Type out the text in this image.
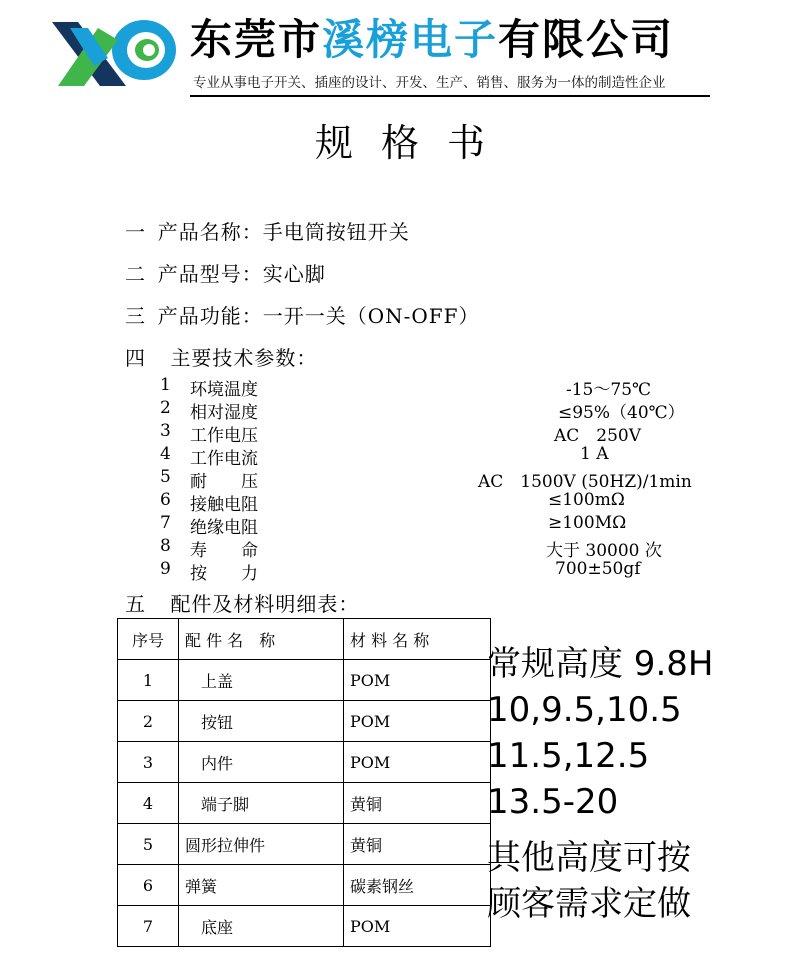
东莞市溪榜电子有限公司
专业从事电子开关、插座的设计、开发、生产、销售、服务为一体的制造性企业
规格书
一 产品名称：手电筒按钮开关
二 产品型号：实心脚
三 产品功能：一开一关（ON-OFF）
四 主要技术参数：
1 环境温度	-15～75℃
2 相对湿度	≤95%（40℃）
3 工作电压	AC　250V
4 工作电流	1 A
5 耐　　压	AC　1500V (50HZ)/1min
6 接触电阻	≤100mΩ
7 绝缘电阻	≥100MΩ
8 寿　　命	大于 30000 次
9 按　　力	700±50gf
五 配件及材料明细表：
序号	配 件 名　称	材 料 名 称
1	上盖	POM
2	按钮	POM
3	内件	POM
4	端子脚	黄铜
5	圆形拉伸件	黄铜
6	弹簧	碳素钢丝
7	底座	POM
常规高度 9.8H
10,9.5,10.5
11.5,12.5
13.5-20
其他高度可按
顾客需求定做
